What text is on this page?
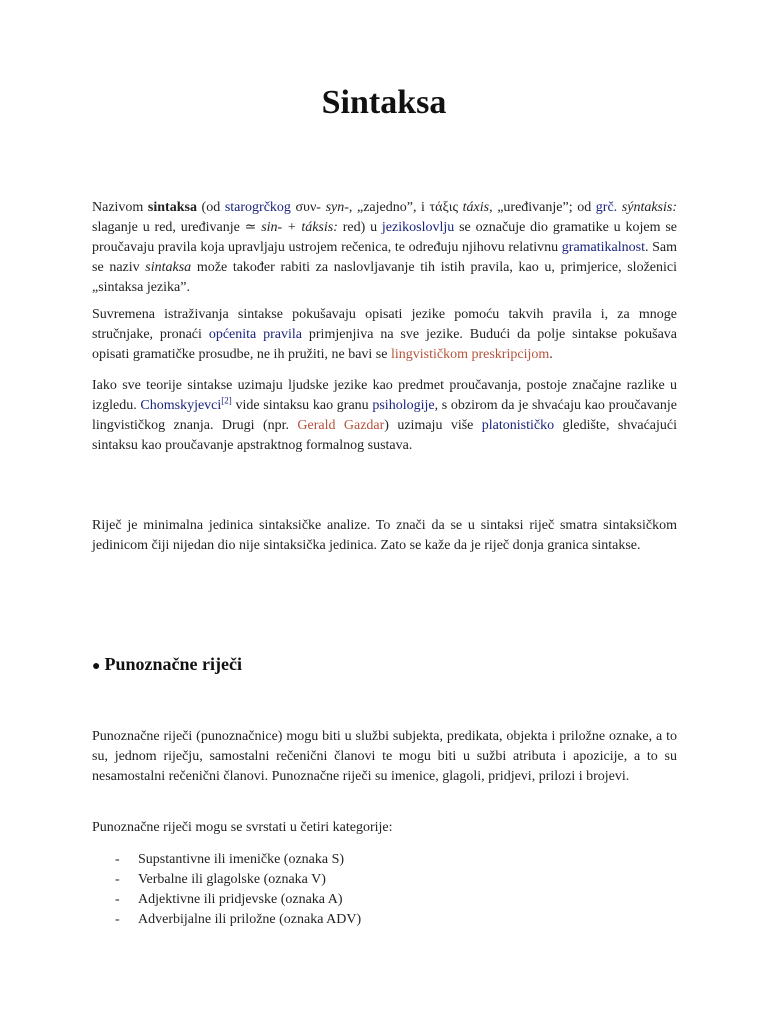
Sintaksa

Nazivom sintaksa (od starogrčkog συν- syn-, „zajedno”, i τάξις táxis, „uređivanje”; od grč. sýntaksis: slaganje u red, uređivanje ≃ sin- + táksis: red) u jezikoslovlju se označuje dio gramatike u kojem se proučavaju pravila koja upravljaju ustrojem rečenica, te određuju njihovu relativnu gramatikalnost. Sam se naziv sintaksa može također rabiti za naslovljavanje tih istih pravila, kao u, primjerice, složenici „sintaksa jezika”.

Suvremena istraživanja sintakse pokušavaju opisati jezike pomoću takvih pravila i, za mnoge stručnjake, pronaći općenita pravila primjenjiva na sve jezike. Budući da polje sintakse pokušava opisati gramatičke prosudbe, ne ih pružiti, ne bavi se lingvističkom preskripcijom.

Iako sve teorije sintakse uzimaju ljudske jezike kao predmet proučavanja, postoje značajne razlike u izgledu. Chomskyjevci[2] vide sintaksu kao granu psihologije, s obzirom da je shvaćaju kao proučavanje lingvističkog znanja. Drugi (npr. Gerald Gazdar) uzimaju više platonističko gledište, shvaćajući sintaksu kao proučavanje apstraktnog formalnog sustava.

Riječ je minimalna jedinica sintaksičke analize. To znači da se u sintaksi riječ smatra sintaksičkom jedinicom čiji nijedan dio nije sintaksička jedinica. Zato se kaže da je riječ donja granica sintakse.

● Punoznačne riječi

Punoznačne riječi (punoznačnice) mogu biti u službi subjekta, predikata, objekta i priložne oznake, a to su, jednom riječju, samostalni rečenični članovi te mogu biti u sužbi atributa i apozicije, a to su nesamostalni rečenični članovi. Punoznačne riječi su imenice, glagoli, pridjevi, prilozi i brojevi.

Punoznačne riječi mogu se svrstati u četiri kategorije:

- Supstantivne ili imeničke (oznaka S)
- Verbalne ili glagolske (oznaka V)
- Adjektivne ili pridjevske (oznaka A)
- Adverbijalne ili priložne (oznaka ADV)
